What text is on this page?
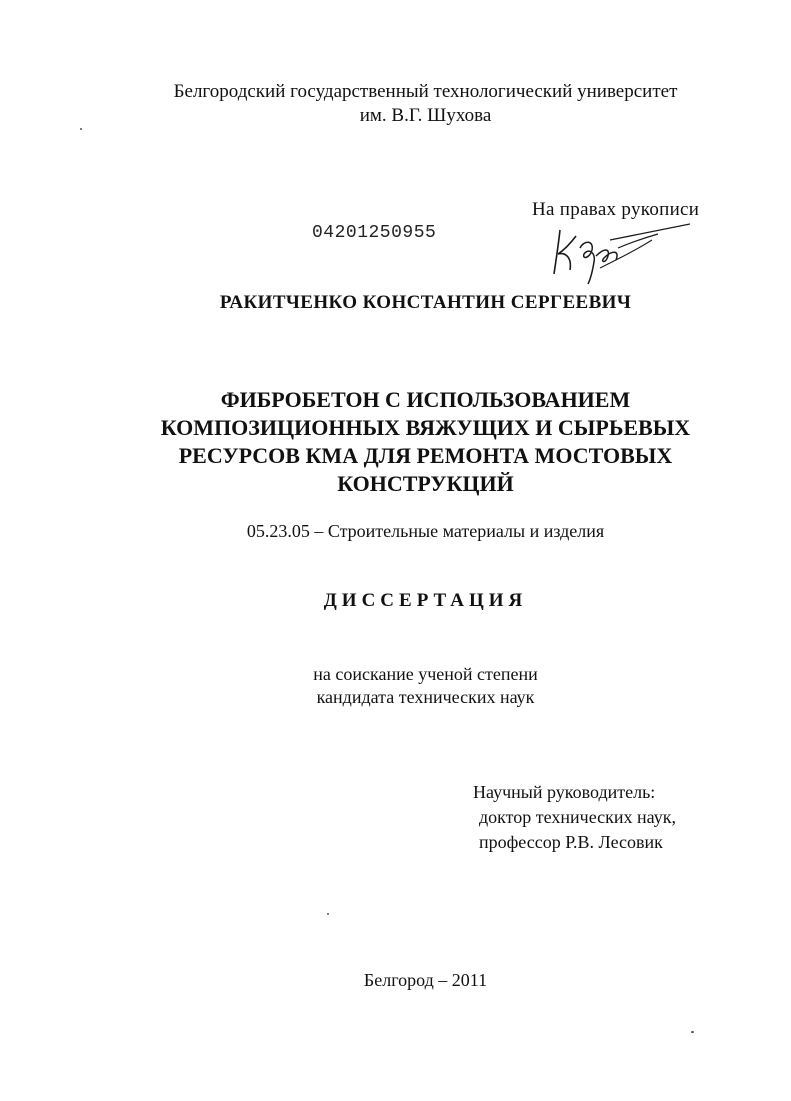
Белгородский государственный технологический университет
им. В.Г. Шухова
На правах рукописи
04201250955
РАКИТЧЕНКО КОНСТАНТИН СЕРГЕЕВИЧ
ФИБРОБЕТОН С ИСПОЛЬЗОВАНИЕМ
КОМПОЗИЦИОННЫХ ВЯЖУЩИХ И СЫРЬЕВЫХ
РЕСУРСОВ КМА ДЛЯ РЕМОНТА МОСТОВЫХ
КОНСТРУКЦИЙ
05.23.05 – Строительные материалы и изделия
ДИССЕРТАЦИЯ
на соискание ученой степени
кандидата технических наук
Научный руководитель:
доктор технических наук,
профессор Р.В. Лесовик
Белгород – 2011
